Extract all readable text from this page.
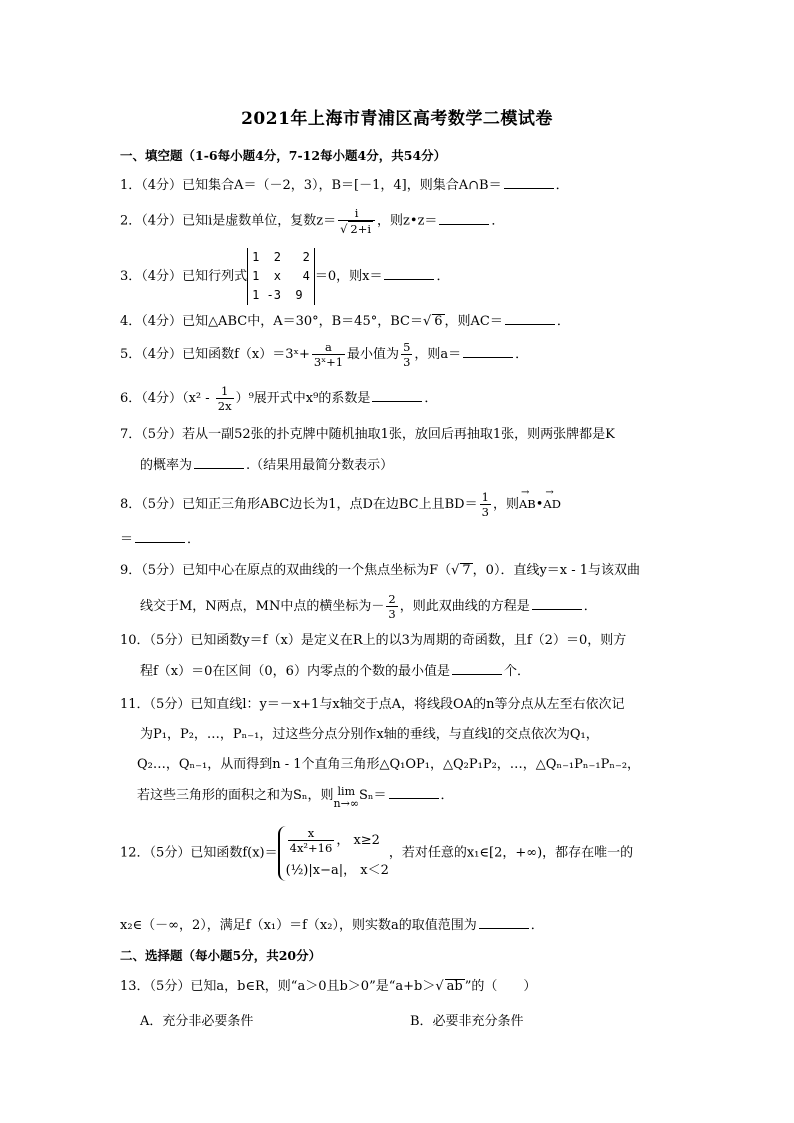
2021年上海市青浦区高考数学二模试卷
一、填空题（1-6每小题4分，7-12每小题4分，共54分）
1．（4分）已知集合A＝（－2，3），B＝[－1，4]，则集合A∩B＝	．
2．（4分）已知i是虚数单位，复数$z= \frac{i}{√ 2+i}$ ，则z•z＝	．
3．（4分）已知行列式
1  2   2
1  x   4
1 -3  9
＝0，则x＝	．
4．（4分）已知△ABC中，A＝30°，B＝45°，BC＝√ 6 ，则AC＝	．
5．（4分）已知函数f（x）＝3ˣ+ $\frac{a}{\text{3ˣ+1}}$ 最小值为 $\frac{5}{3}$ ，则a＝	．
6．（4分）$(x^2 - \frac{1}{2x} )^9$展开式中x⁹的系数是	．
7．（5分）若从一副52张的扑克牌中随机抽取1张，放回后再抽取1张，则两张牌都是K
的概率为	.（结果用最简分数表示）
8．（5分）已知正三角形ABC边长为1，点D在边BC上且$BD= \frac{1}{3}$ ，则→ AB•→ AD
＝	．
9．（5分）已知中心在原点的双曲线的一个焦点坐标为F（√ 7 ，0）．直线y＝x - 1与该双曲
线交于M，N两点，MN中点的横坐标为－ $\frac{2}{3}$ ，则此双曲线的方程是	．
10．（5分）已知函数y＝f（x）是定义在R上的以3为周期的奇函数，且f（2）＝0，则方
程f（x）＝0在区间（0，6）内零点的个数的最小值是	个．
11．（5分）已知直线l：y＝－x+1与x轴交于点A，将线段OA的n等分点从左至右依次记
为P₁，P₂，…，Pₙ₋₁，过这些分点分别作x轴的垂线，与直线l的交点依次为Q₁，
Q₂…，Qₙ₋₁，从而得到n - 1个直角三角形△Q₁OP₁，△Q₂P₁P₂，…，△Qₙ₋₁Pₙ₋₁Pₙ₋₂，
若这些三角形的面积之和为Sₙ，则 lim
n→∞
Sₙ＝	．
12．（5分）已知函数$f(x)= \frac{x}{\text{4x²+16}}$ ， x≥2
(½)|x−a|， x＜2
，若对任意的x₁∈[2，+∞)，都存在唯一的
x₂∈（－∞，2），满足f（x₁）＝f（x₂），则实数a的取值范围为	．
二、选择题（每小题5分，共20分）
13．（5分）已知a，b∈R，则“a＞0且b＞0”是“a+b＞√ ab ”的（　　）
A．充分非必要条件	B．必要非充分条件
